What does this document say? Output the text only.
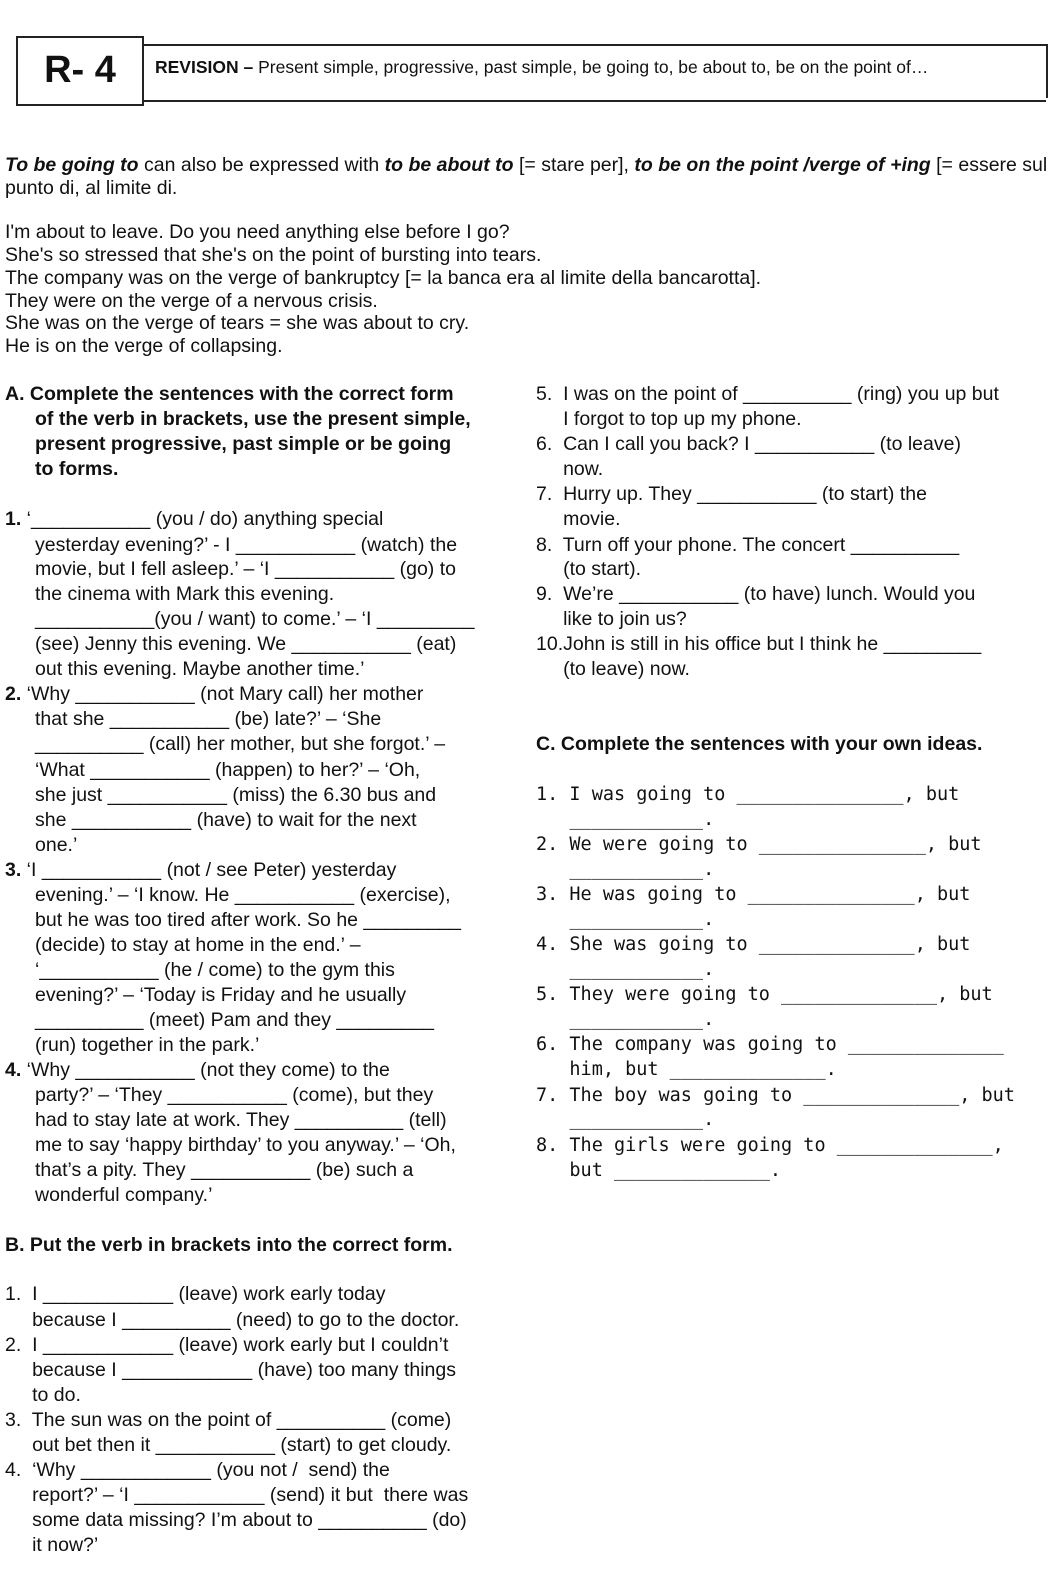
R- 4	REVISION – Present simple, progressive, past simple, be going to, be about to, be on the point of…
To be going to can also be expressed with to be about to [= stare per], to be on the point /verge of +ing [= essere sul
punto di, al limite di.
I'm about to leave. Do you need anything else before I go?
She's so stressed that she's on the point of bursting into tears.
The company was on the verge of bankruptcy [= la banca era al limite della bancarotta].
They were on the verge of a nervous crisis.
She was on the verge of tears = she was about to cry.
He is on the verge of collapsing.
A. Complete the sentences with the correct form
of the verb in brackets, use the present simple,
present progressive, past simple or be going
to forms.
1. ‘___________ (you / do) anything special
yesterday evening?’ - I ___________ (watch) the
movie, but I fell asleep.’ – ‘I ___________ (go) to
the cinema with Mark this evening.
___________(you / want) to come.’ – ‘I _________
(see) Jenny this evening. We ___________ (eat)
out this evening. Maybe another time.’
2. ‘Why ___________ (not Mary call) her mother
that she ___________ (be) late?’ – ‘She
__________ (call) her mother, but she forgot.’ –
‘What ___________ (happen) to her?’ – ‘Oh,
she just ___________ (miss) the 6.30 bus and
she ___________ (have) to wait for the next
one.’
3. ‘I ___________ (not / see Peter) yesterday
evening.’ – ‘I know. He ___________ (exercise),
but he was too tired after work. So he _________
(decide) to stay at home in the end.’ –
‘___________ (he / come) to the gym this
evening?’ – ‘Today is Friday and he usually
__________ (meet) Pam and they _________
(run) together in the park.’
4. ‘Why ___________ (not they come) to the
party?’ – ‘They ___________ (come), but they
had to stay late at work. They __________ (tell)
me to say ‘happy birthday’ to you anyway.’ – ‘Oh,
that’s a pity. They ___________ (be) such a
wonderful company.’

5.  I was on the point of __________ (ring) you up but

I forgot to top up my phone.

6.  Can I call you back? I ___________ (to leave)

now.

7.  Hurry up. They ___________ (to start) the

movie.

8.  Turn off your phone. The concert __________

(to start).

9.  We’re ___________ (to have) lunch. Would you

like to join us?

10.John is still in his office but I think he _________

(to leave) now.

C. Complete the sentences with your own ideas.
1. I was going to _______________, but
____________.
2. We were going to _______________, but
____________.
3. He was going to _______________, but
____________.
4. She was going to ______________, but
____________.
5. They were going to ______________, but
____________.
6. The company was going to ______________
him, but ______________.
7. The boy was going to ______________, but
____________.
8. The girls were going to ______________,
but ______________.
B. Put the verb in brackets into the correct form.
1.  I ____________ (leave) work early today
because I __________ (need) to go to the doctor.
2.  I ____________ (leave) work early but I couldn’t
because I ____________ (have) too many things
to do.
3.  The sun was on the point of __________ (come)
out bet then it ___________ (start) to get cloudy.
4.  ‘Why ____________ (you not /  send) the
report?’ – ‘I ____________ (send) it but  there was
some data missing? I’m about to __________ (do)
it now?’
